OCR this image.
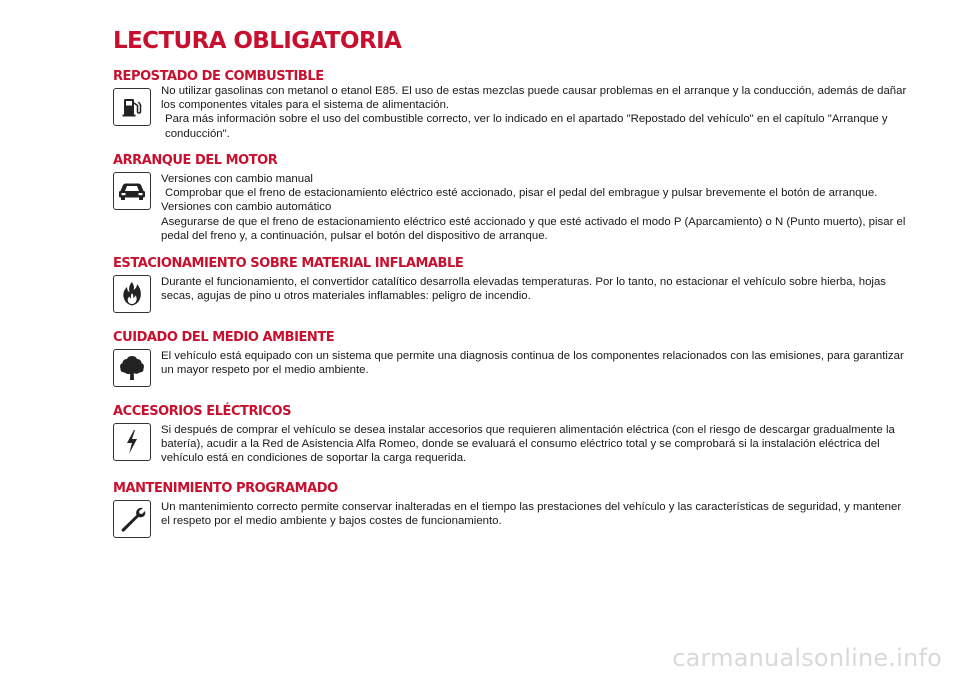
LECTURA OBLIGATORIA
REPOSTADO DE COMBUSTIBLE

No utilizar gasolinas con metanol o etanol E85. El uso de estas mezclas puede causar problemas en el arranque y la conducción, además de dañar los componentes vitales para el sistema de alimentación.

Para más información sobre el uso del combustible correcto, ver lo indicado en el apartado "Repostado del vehículo" en el capítulo "Arranque y conducción".

ARRANQUE DEL MOTOR

Versiones con cambio manual

Comprobar que el freno de estacionamiento eléctrico esté accionado, pisar el pedal del embrague y pulsar brevemente el botón de arranque.

Versiones con cambio automático

Asegurarse de que el freno de estacionamiento eléctrico esté accionado y que esté activado el modo P (Aparcamiento) o N (Punto muerto), pisar el pedal del freno y, a continuación, pulsar el botón del dispositivo de arranque.

ESTACIONAMIENTO SOBRE MATERIAL INFLAMABLE

Durante el funcionamiento, el convertidor catalítico desarrolla elevadas temperaturas. Por lo tanto, no estacionar el vehículo sobre hierba, hojas secas, agujas de pino u otros materiales inflamables: peligro de incendio.

CUIDADO DEL MEDIO AMBIENTE

El vehículo está equipado con un sistema que permite una diagnosis continua de los componentes relacionados con las emisiones, para garantizar un mayor respeto por el medio ambiente.

ACCESORIOS ELÉCTRICOS

Si después de comprar el vehículo se desea instalar accesorios que requieren alimentación eléctrica (con el riesgo de descargar gradualmente la batería), acudir a la Red de Asistencia Alfa Romeo, donde se evaluará el consumo eléctrico total y se comprobará si la instalación eléctrica del vehículo está en condiciones de soportar la carga requerida.

MANTENIMIENTO PROGRAMADO

Un mantenimiento correcto permite conservar inalteradas en el tiempo las prestaciones del vehículo y las características de seguridad, y mantener el respeto por el medio ambiente y bajos costes de funcionamiento.

carmanualsonline.info
